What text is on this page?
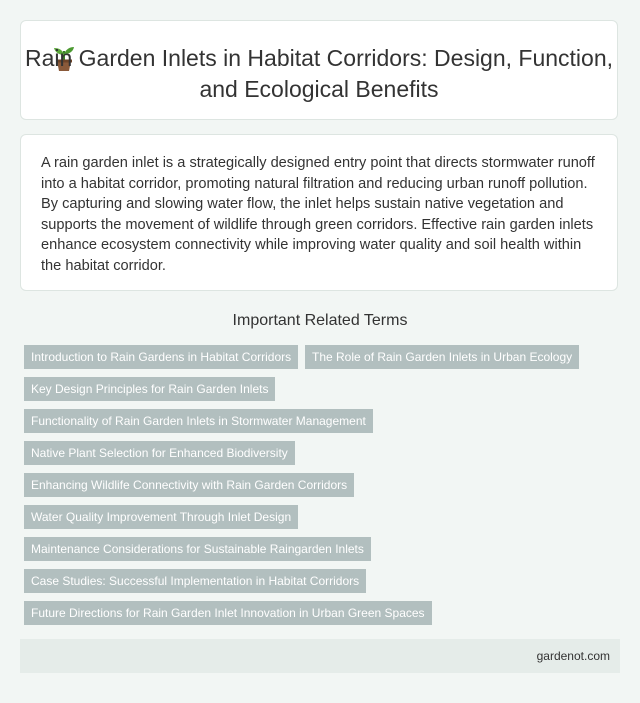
Rain Garden Inlets in Habitat Corridors: Design, Function, and Ecological Benefits

A rain garden inlet is a strategically designed entry point that directs stormwater runoff into a habitat corridor, promoting natural filtration and reducing urban runoff pollution. By capturing and slowing water flow, the inlet helps sustain native vegetation and supports the movement of wildlife through green corridors. Effective rain garden inlets enhance ecosystem connectivity while improving water quality and soil health within the habitat corridor.

Important Related Terms
Introduction to Rain Gardens in Habitat Corridors	The Role of Rain Garden Inlets in Urban Ecology
Key Design Principles for Rain Garden Inlets
Functionality of Rain Garden Inlets in Stormwater Management
Native Plant Selection for Enhanced Biodiversity
Enhancing Wildlife Connectivity with Rain Garden Corridors
Water Quality Improvement Through Inlet Design
Maintenance Considerations for Sustainable Raingarden Inlets
Case Studies: Successful Implementation in Habitat Corridors
Future Directions for Rain Garden Inlet Innovation in Urban Green Spaces
gardenot.com
